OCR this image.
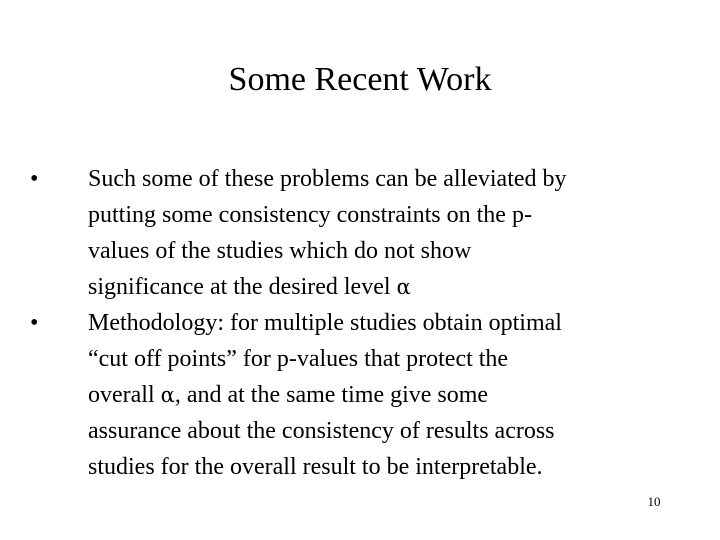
Some Recent Work
• Such some of these problems can be alleviated by
putting some consistency constraints on the p-
values of the studies which do not show
significance at the desired level α
• Methodology: for multiple studies obtain optimal
“cut off points” for p-values that protect the
overall α, and at the same time give some
assurance about the consistency of results across
studies for the overall result to be interpretable.
10
